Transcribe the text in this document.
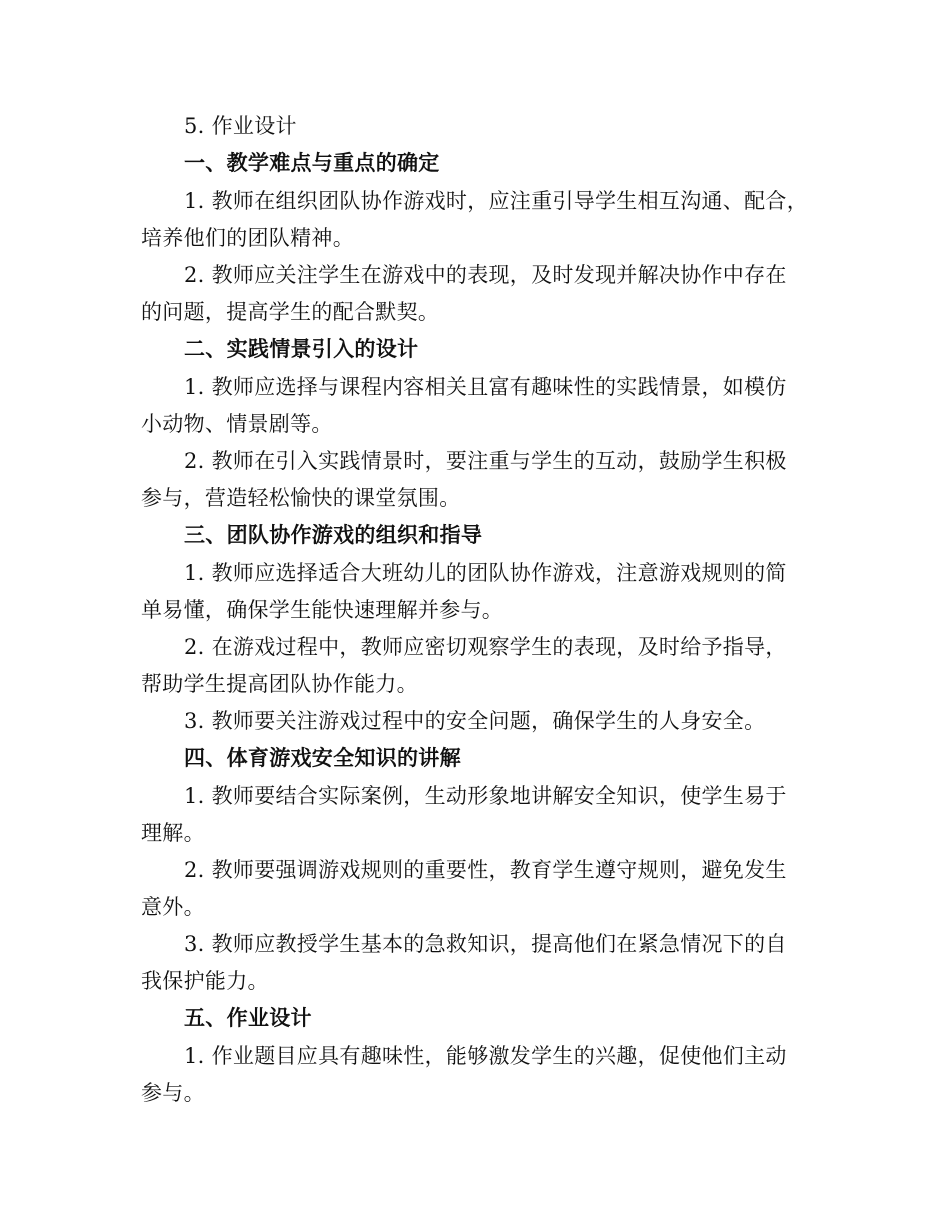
5. 作业设计
一、教学难点与重点的确定
1. 教师在组织团队协作游戏时，应注重引导学生相互沟通、配合，
培养他们的团队精神。
2. 教师应关注学生在游戏中的表现，及时发现并解决协作中存在
的问题，提高学生的配合默契。
二、实践情景引入的设计
1. 教师应选择与课程内容相关且富有趣味性的实践情景，如模仿
小动物、情景剧等。
2. 教师在引入实践情景时，要注重与学生的互动，鼓励学生积极
参与，营造轻松愉快的课堂氛围。
三、团队协作游戏的组织和指导
1. 教师应选择适合大班幼儿的团队协作游戏，注意游戏规则的简
单易懂，确保学生能快速理解并参与。
2. 在游戏过程中，教师应密切观察学生的表现，及时给予指导，
帮助学生提高团队协作能力。
3. 教师要关注游戏过程中的安全问题，确保学生的人身安全。
四、体育游戏安全知识的讲解
1. 教师要结合实际案例，生动形象地讲解安全知识，使学生易于
理解。
2. 教师要强调游戏规则的重要性，教育学生遵守规则，避免发生
意外。
3. 教师应教授学生基本的急救知识，提高他们在紧急情况下的自
我保护能力。
五、作业设计
1. 作业题目应具有趣味性，能够激发学生的兴趣，促使他们主动
参与。
